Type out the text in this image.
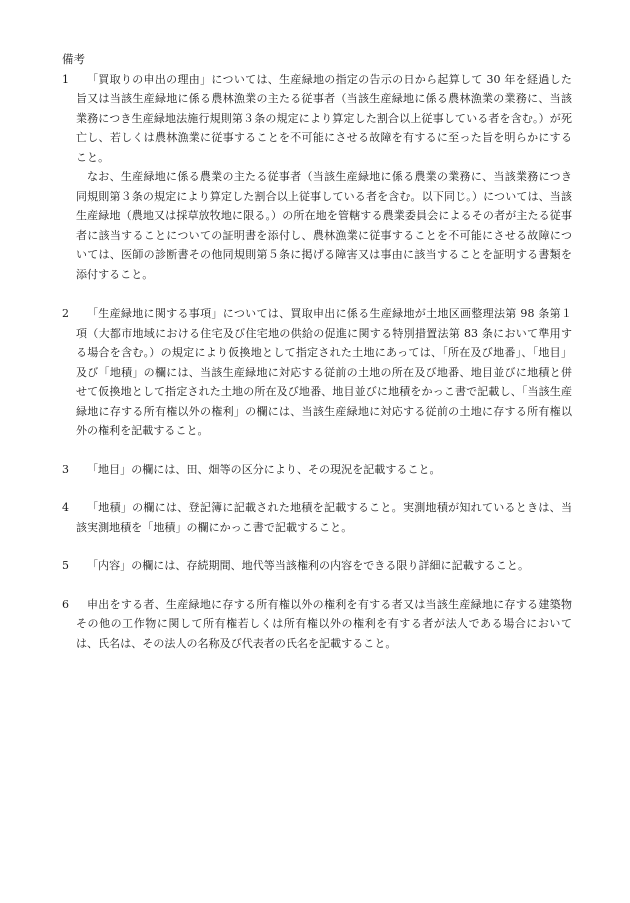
備考

1	「買取りの申出の理由」については、生産緑地の指定の告示の日から起算して 30 年を経過した旨又は当該生産緑地に係る農林漁業の主たる従事者（当該生産緑地に係る農林漁業の業務に、当該業務につき生産緑地法施行規則第３条の規定により算定した割合以上従事している者を含む。）が死亡し、若しくは農林漁業に従事することを不可能にさせる故障を有するに至った旨を明らかにすること。

なお、生産緑地に係る農業の主たる従事者（当該生産緑地に係る農業の業務に、当該業務につき同規則第３条の規定により算定した割合以上従事している者を含む。以下同じ。）については、当該生産緑地（農地又は採草放牧地に限る。）の所在地を管轄する農業委員会によるその者が主たる従事者に該当することについての証明書を添付し、農林漁業に従事することを不可能にさせる故障については、医師の診断書その他同規則第５条に掲げる障害又は事由に該当することを証明する書類を添付すること。

2	「生産緑地に関する事項」については、買取申出に係る生産緑地が土地区画整理法第 98 条第１項（大都市地域における住宅及び住宅地の供給の促進に関する特別措置法第 83 条において準用する場合を含む。）の規定により仮換地として指定された土地にあっては、「所在及び地番」、「地目」及び「地積」の欄には、当該生産緑地に対応する従前の土地の所在及び地番、地目並びに地積と併せて仮換地として指定された土地の所在及び地番、地目並びに地積をかっこ書で記載し、「当該生産緑地に存する所有権以外の権利」の欄には、当該生産緑地に対応する従前の土地に存する所有権以外の権利を記載すること。

3	「地目」の欄には、田、畑等の区分により、その現況を記載すること。

4	「地積」の欄には、登記簿に記載された地積を記載すること。実測地積が知れているときは、当該実測地積を「地積」の欄にかっこ書で記載すること。

5	「内容」の欄には、存続期間、地代等当該権利の内容をできる限り詳細に記載すること。

6	申出をする者、生産緑地に存する所有権以外の権利を有する者又は当該生産緑地に存する建築物その他の工作物に関して所有権若しくは所有権以外の権利を有する者が法人である場合においては、氏名は、その法人の名称及び代表者の氏名を記載すること。
